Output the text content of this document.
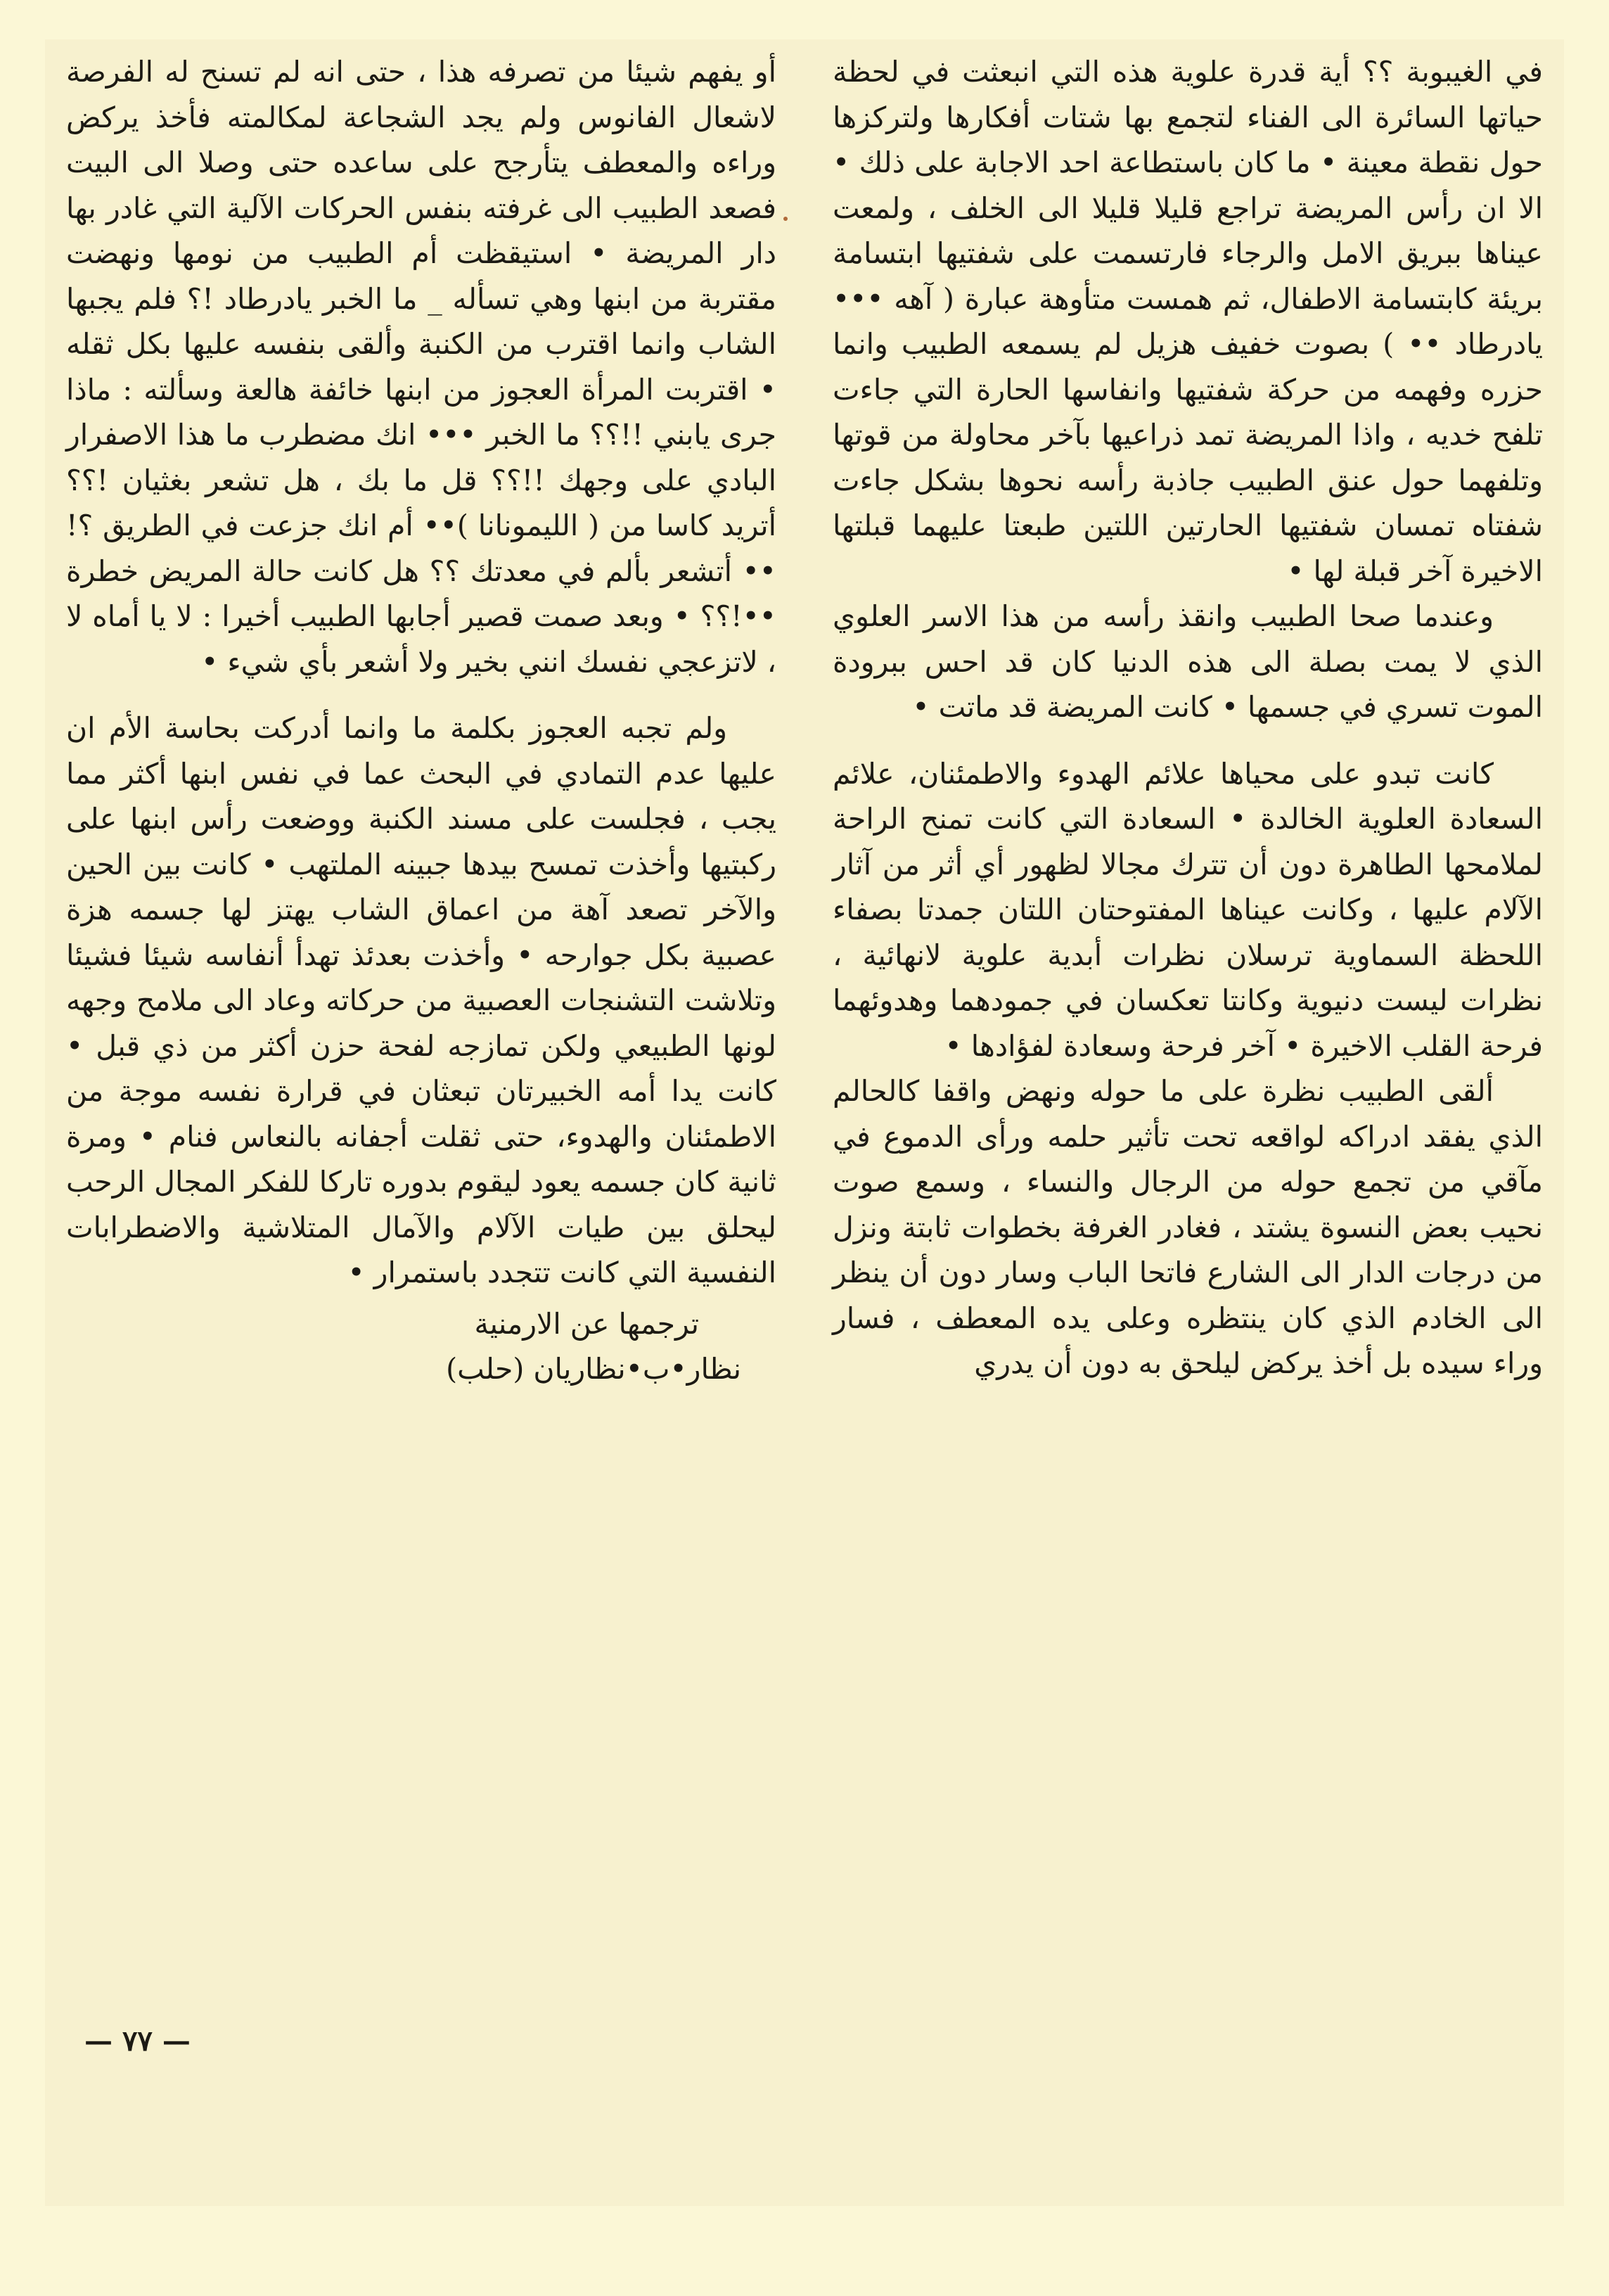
في الغيبوبة ؟؟ أية قدرة علوية هذه التي انبعثت في لحظة حياتها السائرة الى الفناء لتجمع بها شتات أفكارها ولتركزها حول نقطة معينة • ما كان باستطاعة احد الاجابة على ذلك • الا ان رأس المريضة تراجع قليلا قليلا الى الخلف ، ولمعت عيناها ببريق الامل والرجاء فارتسمت على شفتيها ابتسامة بريئة كابتسامة الاطفال، ثم همست متأوهة عبارة ( آهه ••• يادرطاد •• ) بصوت خفيف هزيل لم يسمعه الطبيب وانما حزره وفهمه من حركة شفتيها وانفاسها الحارة التي جاءت تلفح خديه ، واذا المريضة تمد ذراعيها بآخر محاولة من قوتها وتلفهما حول عنق الطبيب جاذبة رأسه نحوها بشكل جاءت شفتاه تمسان شفتيها الحارتين اللتين طبعتا عليهما قبلتها الاخيرة آخر قبلة لها •

وعندما صحا الطبيب وانقذ رأسه من هذا الاسر العلوي الذي لا يمت بصلة الى هذه الدنيا كان قد احس ببرودة الموت تسري في جسمها • كانت المريضة قد ماتت •

كانت تبدو على محياها علائم الهدوء والاطمئنان، علائم السعادة العلوية الخالدة • السعادة التي كانت تمنح الراحة لملامحها الطاهرة دون أن تترك مجالا لظهور أي أثر من آثار الآلام عليها ، وكانت عيناها المفتوحتان اللتان جمدتا بصفاء اللحظة السماوية ترسلان نظرات أبدية علوية لانهائية ، نظرات ليست دنيوية وكانتا تعكسان في جمودهما وهدوئهما فرحة القلب الاخيرة • آخر فرحة وسعادة لفؤادها •

ألقى الطبيب نظرة على ما حوله ونهض واقفا كالحالم الذي يفقد ادراكه لواقعه تحت تأثير حلمه ورأى الدموع في مآقي من تجمع حوله من الرجال والنساء ، وسمع صوت نحيب بعض النسوة يشتد ، فغادر الغرفة بخطوات ثابتة ونزل من درجات الدار الى الشارع فاتحا الباب وسار دون أن ينظر الى الخادم الذي كان ينتظره وعلى يده المعطف ، فسار وراء سيده بل أخذ يركض ليلحق به دون أن يدري

أو يفهم شيئا من تصرفه هذا ، حتى انه لم تسنح له الفرصة لاشعال الفانوس ولم يجد الشجاعة لمكالمته فأخذ يركض وراءه والمعطف يتأرجح على ساعده حتى وصلا الى البيت فصعد الطبيب الى غرفته بنفس الحركات الآلية التي غادر بها دار المريضة • استيقظت أم الطبيب من نومها ونهضت مقتربة من ابنها وهي تسأله _ ما الخبر يادرطاد !؟ فلم يجبها الشاب وانما اقترب من الكنبة وألقى بنفسه عليها بكل ثقله • اقتربت المرأة العجوز من ابنها خائفة هالعة وسألته : ماذا جرى يابني !!؟؟ ما الخبر ••• انك مضطرب ما هذا الاصفرار البادي على وجهك !!؟؟ قل ما بك ، هل تشعر بغثيان !؟؟ أتريد كاسا من ( الليمونانا )•• أم انك جزعت في الطريق ؟!•• أتشعر بألم في معدتك ؟؟ هل كانت حالة المريض خطرة ••!؟؟ • وبعد صمت قصير أجابها الطبيب أخيرا : لا يا أماه لا ، لاتزعجي نفسك انني بخير ولا أشعر بأي شيء •

ولم تجبه العجوز بكلمة ما وانما أدركت بحاسة الأم ان عليها عدم التمادي في البحث عما في نفس ابنها أكثر مما يجب ، فجلست على مسند الكنبة ووضعت رأس ابنها على ركبتيها وأخذت تمسح بيدها جبينه الملتهب • كانت بين الحين والآخر تصعد آهة من اعماق الشاب يهتز لها جسمه هزة عصبية بكل جوارحه • وأخذت بعدئذ تهدأ أنفاسه شيئا فشيئا وتلاشت التشنجات العصبية من حركاته وعاد الى ملامح وجهه لونها الطبيعي ولكن تمازجه لفحة حزن أكثر من ذي قبل • كانت يدا أمه الخبيرتان تبعثان في قرارة نفسه موجة من الاطمئنان والهدوء، حتى ثقلت أجفانه بالنعاس فنام • ومرة ثانية كان جسمه يعود ليقوم بدوره تاركا للفكر المجال الرحب ليحلق بين طيات الآلام والآمال المتلاشية والاضطرابات النفسية التي كانت تتجدد باستمرار •

ترجمها عن الارمنية

نظار•ب•نظاريان (حلب)

— ٧٧ —
